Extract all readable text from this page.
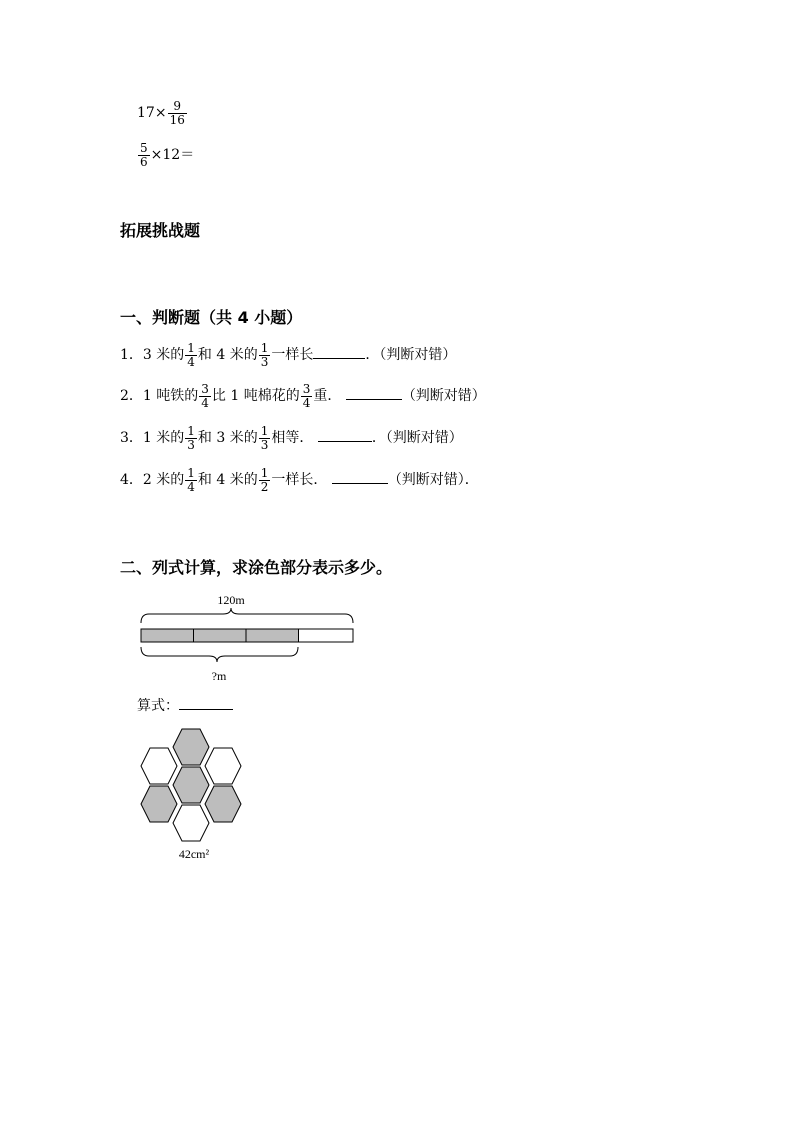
$17\times \frac{9}{16}$
$\frac{5}{6} \times 12=$
拓展挑战题
一、判断题（共 4 小题）
1．3 米的 $\frac{1}{4}$ 和 4 米的 $\frac{1}{3}$ 一样长	．（判断对错）
2．1 吨铁的 $\frac{3}{4}$ 比 1 吨棉花的 $\frac{3}{4}$ 重．	（判断对错）
3．1 米的 $\frac{1}{3}$ 和 3 米的 $\frac{1}{3}$ 相等．	．（判断对错）
4．2 米的 $\frac{1}{4}$ 和 4 米的 $\frac{1}{2}$ 一样长．	（判断对错）．
二、列式计算，求涂色部分表示多少。
120m
?m
算式：
42cm²
